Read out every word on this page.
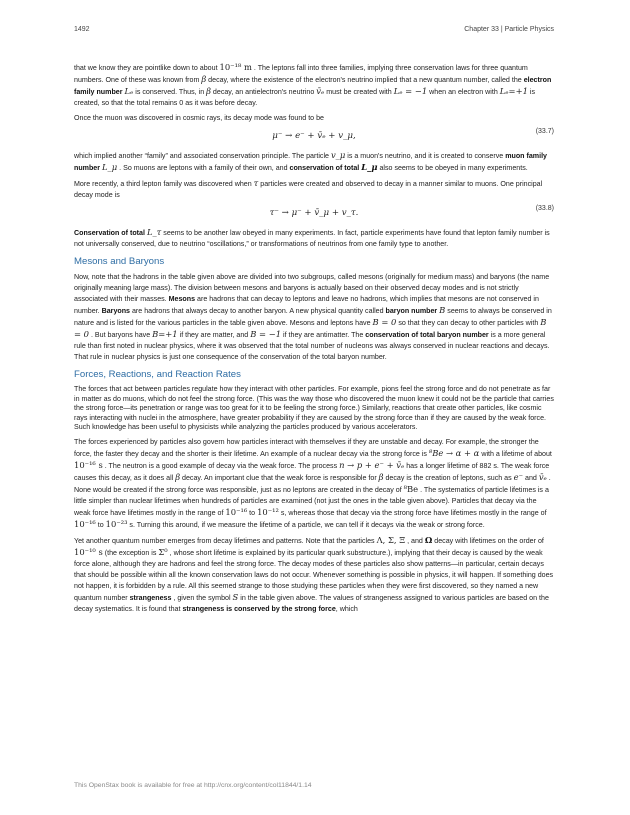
1492	Chapter 33 | Particle Physics

that we know they are pointlike down to about 10⁻¹⁸ m . The leptons fall into three families, implying three conservation laws for three quantum numbers. One of these was known from β decay, where the existence of the electron's neutrino implied that a new quantum number, called the electron family number Lₑ is conserved. Thus, in β decay, an antielectron's neutrino v̄ₑ must be created with Lₑ = −1 when an electron with Lₑ=+1 is created, so that the total remains 0 as it was before decay.

Once the muon was discovered in cosmic rays, its decay mode was found to be

μ⁻ → e⁻ + v̄ₑ + v_μ,	(33.7)

which implied another “family” and associated conservation principle. The particle v_μ is a muon's neutrino, and it is created to conserve muon family number L_μ . So muons are leptons with a family of their own, and conservation of total L_μ also seems to be obeyed in many experiments.

More recently, a third lepton family was discovered when τ particles were created and observed to decay in a manner similar to muons. One principal decay mode is

τ⁻ → μ⁻ + v̄_μ + v_τ.	(33.8)

Conservation of total L_τ seems to be another law obeyed in many experiments. In fact, particle experiments have found that lepton family number is not universally conserved, due to neutrino “oscillations,” or transformations of neutrinos from one family type to another.

Mesons and Baryons

Now, note that the hadrons in the table given above are divided into two subgroups, called mesons (originally for medium mass) and baryons (the name originally meaning large mass). The division between mesons and baryons is actually based on their observed decay modes and is not strictly associated with their masses. Mesons are hadrons that can decay to leptons and leave no hadrons, which implies that mesons are not conserved in number. Baryons are hadrons that always decay to another baryon. A new physical quantity called baryon number B seems to always be conserved in nature and is listed for the various particles in the table given above. Mesons and leptons have B = 0 so that they can decay to other particles with B = 0 . But baryons have B=+1 if they are matter, and B = −1 if they are antimatter. The conservation of total baryon number is a more general rule than first noted in nuclear physics, where it was observed that the total number of nucleons was always conserved in nuclear reactions and decays. That rule in nuclear physics is just one consequence of the conservation of the total baryon number.

Forces, Reactions, and Reaction Rates

The forces that act between particles regulate how they interact with other particles. For example, pions feel the strong force and do not penetrate as far in matter as do muons, which do not feel the strong force. (This was the way those who discovered the muon knew it could not be the particle that carries the strong force—its penetration or range was too great for it to be feeling the strong force.) Similarly, reactions that create other particles, like cosmic rays interacting with nuclei in the atmosphere, have greater probability if they are caused by the strong force than if they are caused by the weak force. Such knowledge has been useful to physicists while analyzing the particles produced by various accelerators.

The forces experienced by particles also govern how particles interact with themselves if they are unstable and decay. For example, the stronger the force, the faster they decay and the shorter is their lifetime. An example of a nuclear decay via the strong force is ⁸Be → α + α with a lifetime of about 10⁻¹⁶ s . The neutron is a good example of decay via the weak force. The process n → p + e⁻ + v̄ₑ has a longer lifetime of 882 s. The weak force causes this decay, as it does all β decay. An important clue that the weak force is responsible for β decay is the creation of leptons, such as e⁻ and v̄ₑ . None would be created if the strong force was responsible, just as no leptons are created in the decay of ⁸Be . The systematics of particle lifetimes is a little simpler than nuclear lifetimes when hundreds of particles are examined (not just the ones in the table given above). Particles that decay via the weak force have lifetimes mostly in the range of 10⁻¹⁶ to 10⁻¹² s, whereas those that decay via the strong force have lifetimes mostly in the range of 10⁻¹⁶ to 10⁻²³ s. Turning this around, if we measure the lifetime of a particle, we can tell if it decays via the weak or strong force.

Yet another quantum number emerges from decay lifetimes and patterns. Note that the particles Λ, Σ, Ξ , and Ω decay with lifetimes on the order of 10⁻¹⁰ s (the exception is Σ⁰ , whose short lifetime is explained by its particular quark substructure.), implying that their decay is caused by the weak force alone, although they are hadrons and feel the strong force. The decay modes of these particles also show patterns—in particular, certain decays that should be possible within all the known conservation laws do not occur. Whenever something is possible in physics, it will happen. If something does not happen, it is forbidden by a rule. All this seemed strange to those studying these particles when they were first discovered, so they named a new quantum number strangeness , given the symbol S in the table given above. The values of strangeness assigned to various particles are based on the decay systematics. It is found that strangeness is conserved by the strong force, which

This OpenStax book is available for free at http://cnx.org/content/col11844/1.14
